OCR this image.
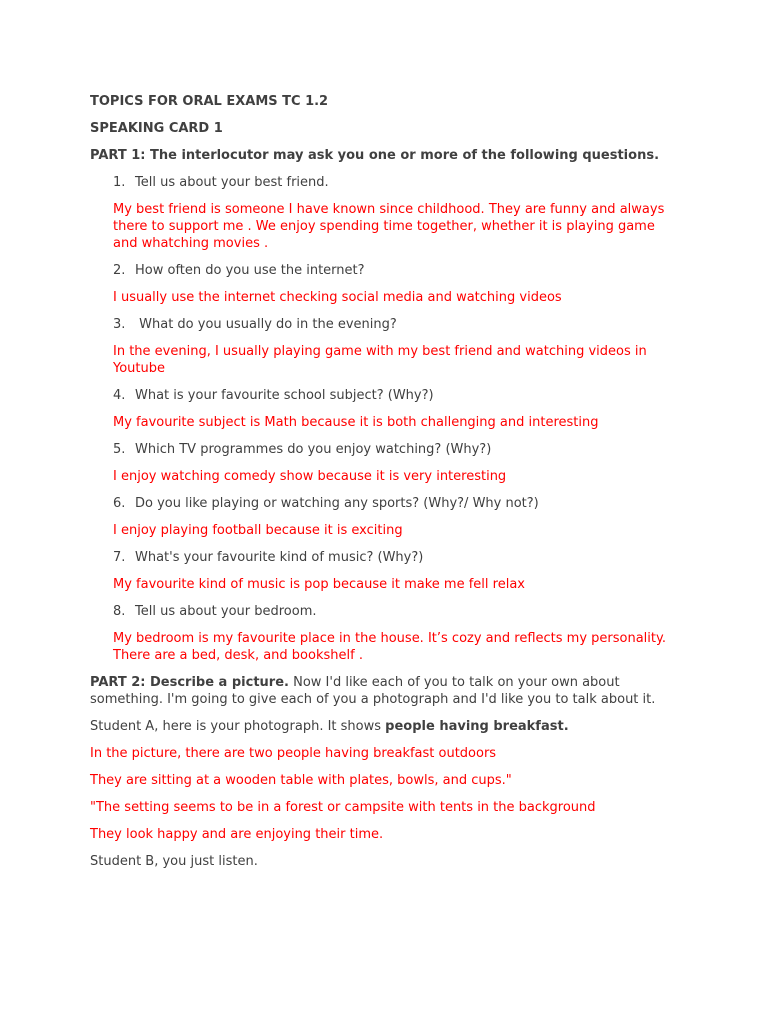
TOPICS FOR ORAL EXAMS TC 1.2
SPEAKING CARD 1
PART 1: The interlocutor may ask you one or more of the following questions.
1. Tell us about your best friend.
My best friend is someone I have known since childhood. They are funny and always there to support me . We enjoy spending time together, whether it is playing game and whatching movies .
2. How often do you use the internet?
I usually use the internet checking social media and watching videos
3. What do you usually do in the evening?
In the evening, I usually playing game with my best friend and watching videos in Youtube
4. What is your favourite school subject? (Why?)
My favourite subject is Math because it is both challenging and interesting
5. Which TV programmes do you enjoy watching? (Why?)
I enjoy watching comedy show because it is very interesting
6. Do you like playing or watching any sports? (Why?/ Why not?)
I enjoy playing football because it is exciting
7. What's your favourite kind of music? (Why?)
My favourite kind of music is pop because it make me fell relax
8. Tell us about your bedroom.
My bedroom is my favourite place in the house. It’s cozy and reflects my personality. There are a bed, desk, and bookshelf .
PART 2: Describe a picture. Now I'd like each of you to talk on your own about something. I'm going to give each of you a photograph and I'd like you to talk about it.
Student A, here is your photograph. It shows people having breakfast.
In the picture, there are two people having breakfast outdoors
They are sitting at a wooden table with plates, bowls, and cups."
"The setting seems to be in a forest or campsite with tents in the background
They look happy and are enjoying their time.
Student B, you just listen.
